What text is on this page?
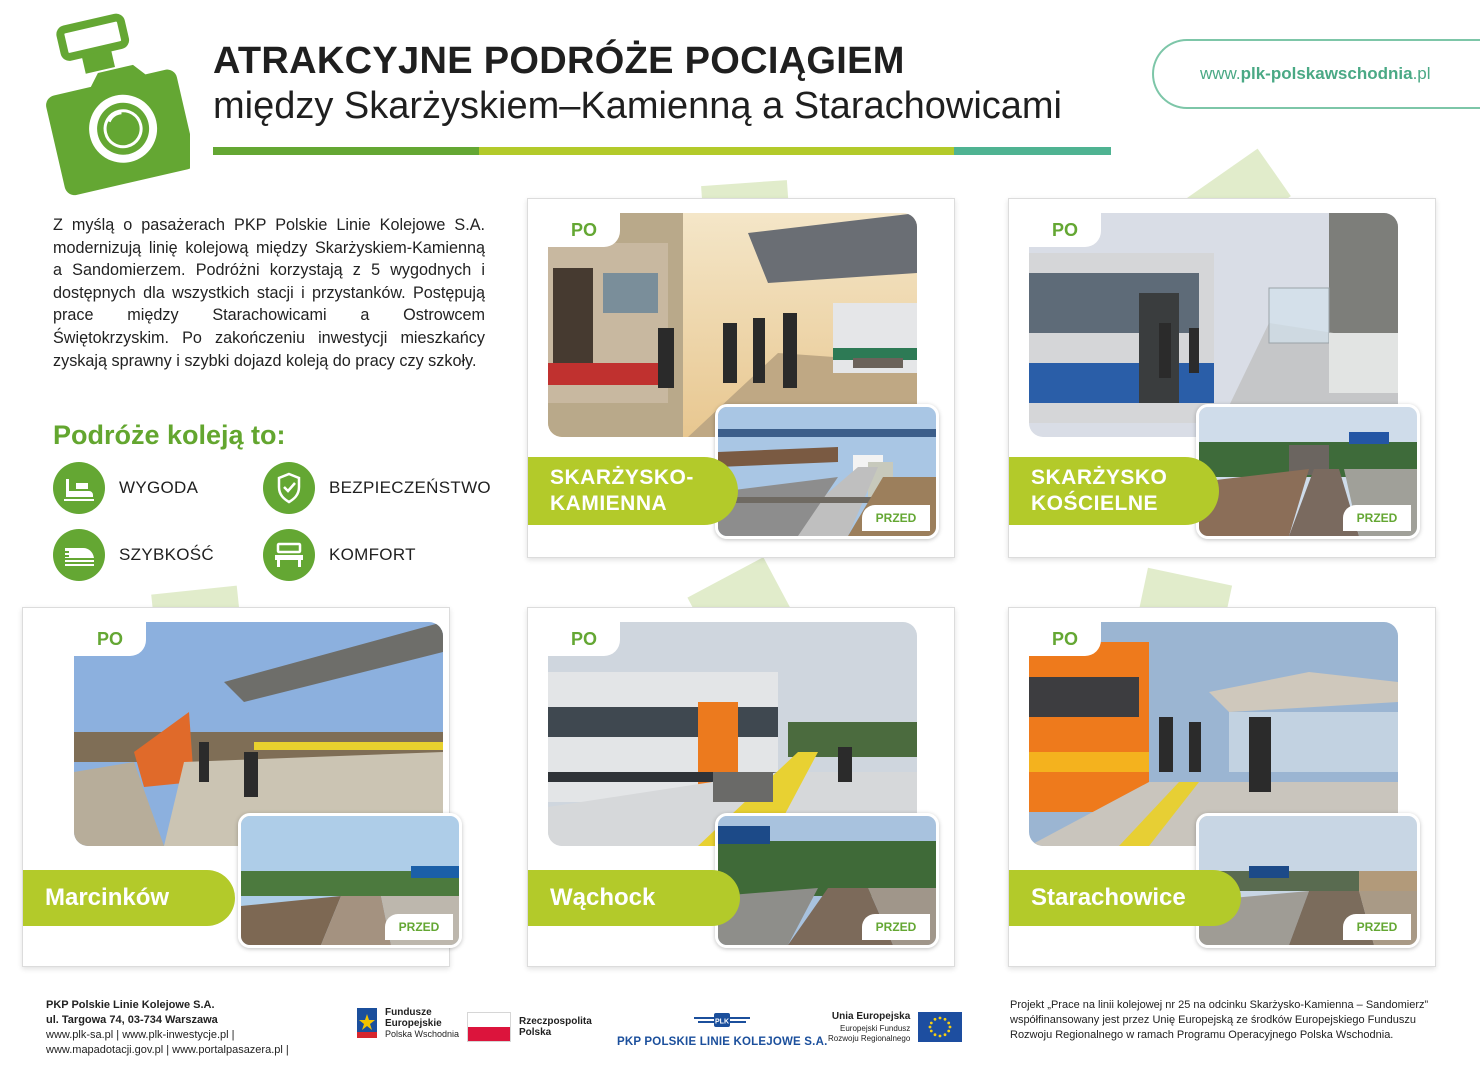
ATRAKCYJNE PODRÓŻE POCIĄGIEM
między Skarżyskiem–Kamienną a Starachowicami
www. plk-polskawschodnia .pl

Z myślą o pasażerach PKP Polskie Linie Kolejowe S.A. modernizują linię kolejową między Skarżyskiem-Kamienną a Sandomierzem. Podróżni korzystają z 5 wygodnych i dostępnych dla wszystkich stacji i przystanków. Postępują prace między Starachowicami a Ostrowcem Świętokrzyskim. Po zakończeniu inwestycji mieszkańcy zyskają sprawny i szybki dojazd koleją do pracy czy szkoły.

Podróże koleją to:
WYGODA	BEZPIECZEŃSTWO
SZYBKOŚĆ	KOMFORT
PO
PRZED
SKARŻYSKO-
KAMIENNA
PO
PRZED
SKARŻYSKO
KOŚCIELNE
PO
PRZED
Marcinków
PO
PRZED
Wąchock
PO
PRZED
Starachowice
PKP Polskie Linie Kolejowe S.A.
ul. Targowa 74, 03-734 Warszawa
www.plk-sa.pl | www.plk-inwestycje.pl |
www.mapadotacji.gov.pl | www.portalpasazera.pl |
Fundusze
Europejskie
Polska Wschodnia
Rzeczpospolita
Polska
PLK
PKP POLSKIE LINIE KOLEJOWE S.A.
Unia Europejska
Europejski Fundusz
Rozwoju Regionalnego

Projekt „Prace na linii kolejowej nr 25 na odcinku Skarżysko-Kamienna – Sandomierz” współfinansowany jest przez Unię Europejską ze środków Europejskiego Funduszu Rozwoju Regionalnego w ramach Programu Operacyjnego Polska Wschodnia.
